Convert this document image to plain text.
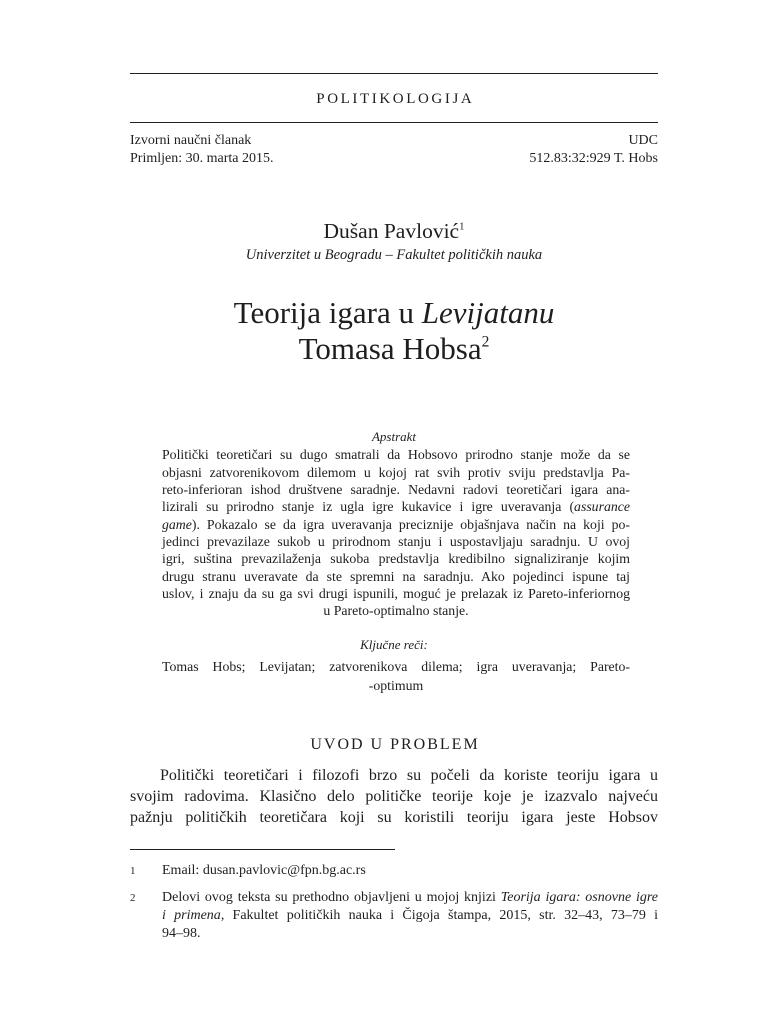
POLITIKOLOGIJA
Izvorni naučni članak
Primljen: 30. marta 2015.
UDC
512.83:32:929 T. Hobs
Dušan Pavlović$^1$
Univerzitet u Beogradu – Fakultet političkih nauka
Teorija igara u Levijatanu
Tomasa Hobsa$^2$
Apstrakt
Politički teoretičari su dugo smatrali da Hobsovo prirodno stanje može da se
objasni zatvorenikovom dilemom u kojoj rat svih protiv sviju predstavlja Pa-
reto-inferioran ishod društvene saradnje. Nedavni radovi teoretičari igara ana-
lizirali su prirodno stanje iz ugla igre kukavice i igre uveravanja (assurance
game). Pokazalo se da igra uveravanja preciznije objašnjava način na koji po-
jedinci prevazilaze sukob u prirodnom stanju i uspostavljaju saradnju. U ovoj
igri, suština prevazilaženja sukoba predstavlja kredibilno signaliziranje kojim
drugu stranu uveravate da ste spremni na saradnju. Ako pojedinci ispune taj
uslov, i znaju da su ga svi drugi ispunili, moguć je prelazak iz Pareto-inferiornog
u Pareto-optimalno stanje.
Ključne reči:
Tomas Hobs; Levijatan; zatvorenikova dilema; igra uveravanja; Pareto-
-optimum
UVOD U PROBLEM
Politički teoretičari i filozofi brzo su počeli da koriste teoriju igara u
svojim radovima. Klasično delo političke teorije koje je izazvalo najveću
pažnju političkih teoretičara koji su koristili teoriju igara jeste Hobsov
1 Email: dusan.pavlovic@fpn.bg.ac.rs
2 Delovi ovog teksta su prethodno objavljeni u mojoj knjizi Teorija igara: osnovne igre
i primena, Fakultet političkih nauka i Čigoja štampa, 2015, str. 32–43, 73–79 i
94–98.
